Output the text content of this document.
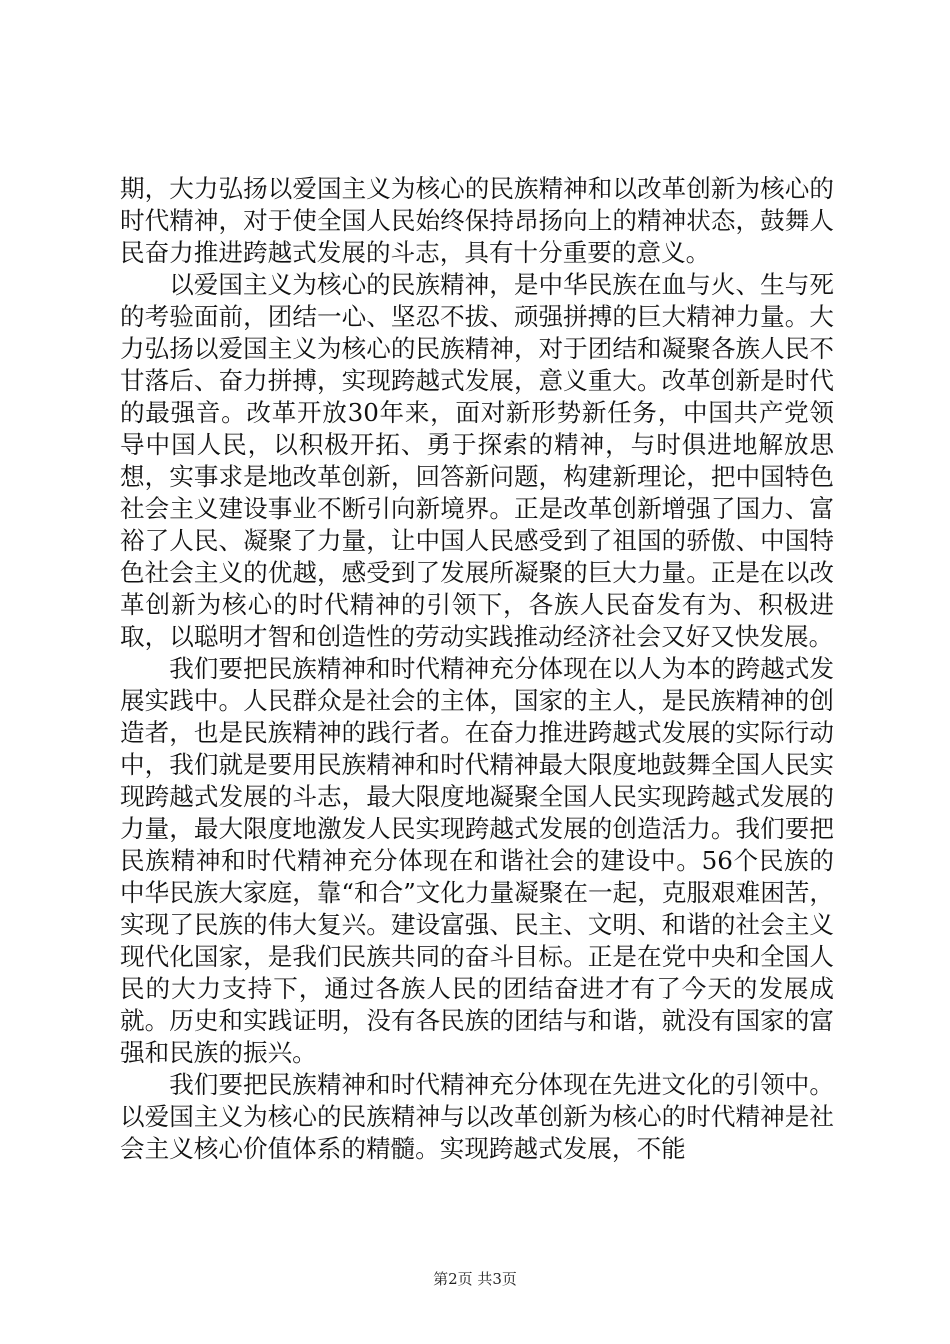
期，大力弘扬以爱国主义为核心的民族精神和以改革创新为核心的时代精神，对于使全国人民始终保持昂扬向上的精神状态，鼓舞人民奋力推进跨越式发展的斗志，具有十分重要的意义。

以爱国主义为核心的民族精神，是中华民族在血与火、生与死的考验面前，团结一心、坚忍不拔、顽强拼搏的巨大精神力量。大力弘扬以爱国主义为核心的民族精神，对于团结和凝聚各族人民不甘落后、奋力拼搏，实现跨越式发展，意义重大。改革创新是时代的最强音。改革开放30年来，面对新形势新任务，中国共产党领导中国人民，以积极开拓、勇于探索的精神，与时俱进地解放思想，实事求是地改革创新，回答新问题，构建新理论，把中国特色社会主义建设事业不断引向新境界。正是改革创新增强了国力、富裕了人民、凝聚了力量，让中国人民感受到了祖国的骄傲、中国特色社会主义的优越，感受到了发展所凝聚的巨大力量。正是在以改革创新为核心的时代精神的引领下，各族人民奋发有为、积极进取，以聪明才智和创造性的劳动实践推动经济社会又好又快发展。

我们要把民族精神和时代精神充分体现在以人为本的跨越式发展实践中。人民群众是社会的主体，国家的主人，是民族精神的创造者，也是民族精神的践行者。在奋力推进跨越式发展的实际行动中，我们就是要用民族精神和时代精神最大限度地鼓舞全国人民实现跨越式发展的斗志，最大限度地凝聚全国人民实现跨越式发展的力量，最大限度地激发人民实现跨越式发展的创造活力。我们要把民族精神和时代精神充分体现在和谐社会的建设中。56个民族的中华民族大家庭，靠“和合”文化力量凝聚在一起，克服艰难困苦，实现了民族的伟大复兴。建设富强、民主、文明、和谐的社会主义现代化国家，是我们民族共同的奋斗目标。正是在党中央和全国人民的大力支持下，通过各族人民的团结奋进才有了今天的发展成就。历史和实践证明，没有各民族的团结与和谐，就没有国家的富强和民族的振兴。

我们要把民族精神和时代精神充分体现在先进文化的引领中。以爱国主义为核心的民族精神与以改革创新为核心的时代精神是社会主义核心价值体系的精髓。实现跨越式发展，不能

第2页 共3页
